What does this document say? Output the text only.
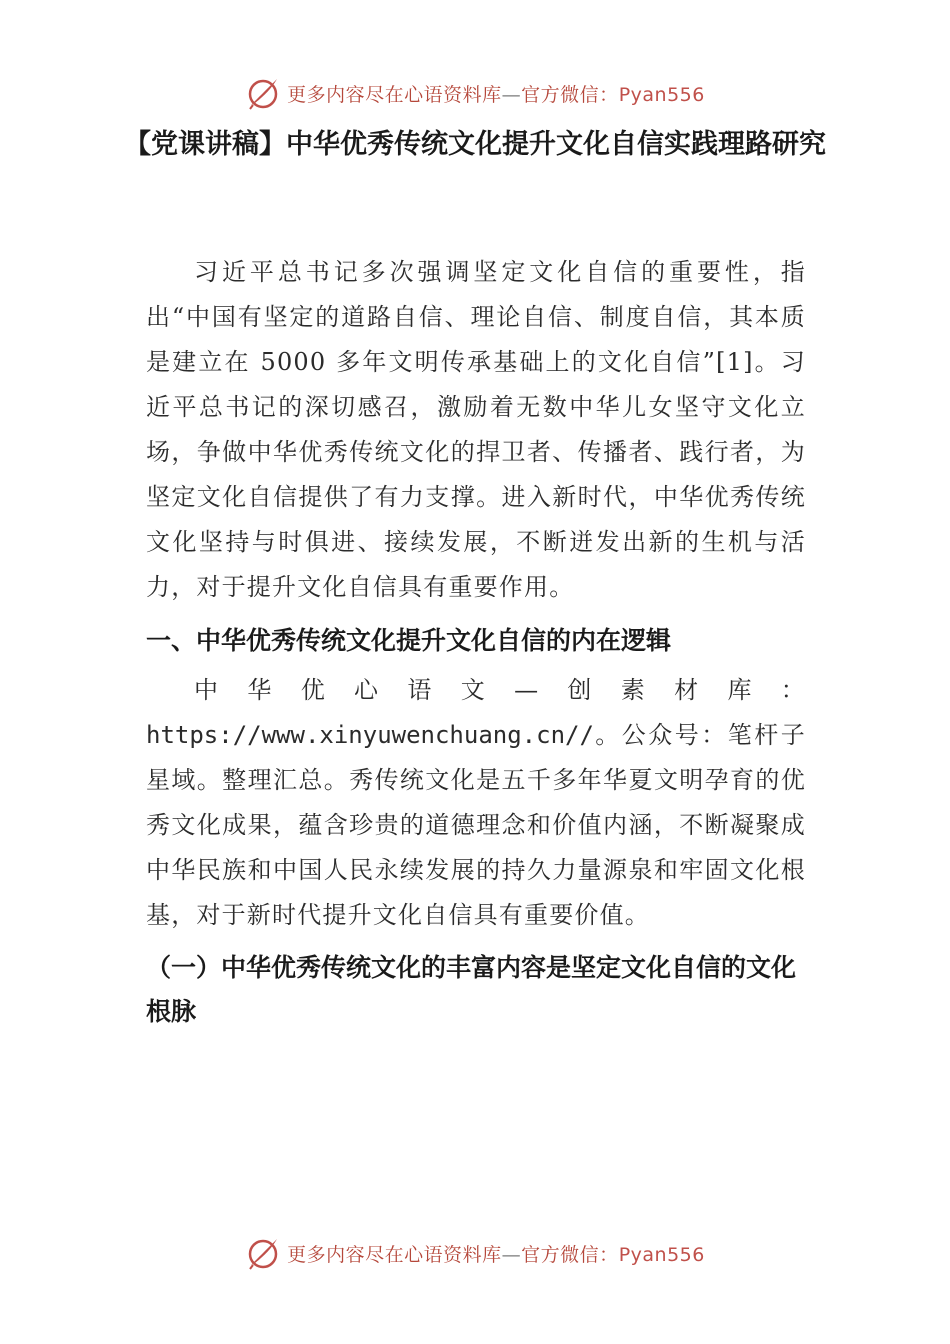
更多内容尽在心语资料库—官方微信：Pyan556
【党课讲稿】中华优秀传统文化提升文化自信实践理路研究

习近平总书记多次强调坚定文化自信的重要性，指出“中国有坚定的道路自信、理论自信、制度自信，其本质是建立在 5000 多年文明传承基础上的文化自信”[1]。习近平总书记的深切感召，激励着无数中华儿女坚守文化立场，争做中华优秀传统文化的捍卫者、传播者、践行者，为坚定文化自信提供了有力支撑。进入新时代，中华优秀传统文化坚持与时俱进、接续发展，不断迸发出新的生机与活力，对于提升文化自信具有重要作用。

一、中华优秀传统文化提升文化自信的内在逻辑

中华优心语文—创素材库：https://www.xinyuwenchuang.cn//。公众号：笔杆子星域。整理汇总。秀传统文化是五千多年华夏文明孕育的优秀文化成果，蕴含珍贵的道德理念和价值内涵，不断凝聚成中华民族和中国人民永续发展的持久力量源泉和牢固文化根基，对于新时代提升文化自信具有重要价值。

（一）中华优秀传统文化的丰富内容是坚定文化自信的文化根脉
更多内容尽在心语资料库—官方微信：Pyan556
